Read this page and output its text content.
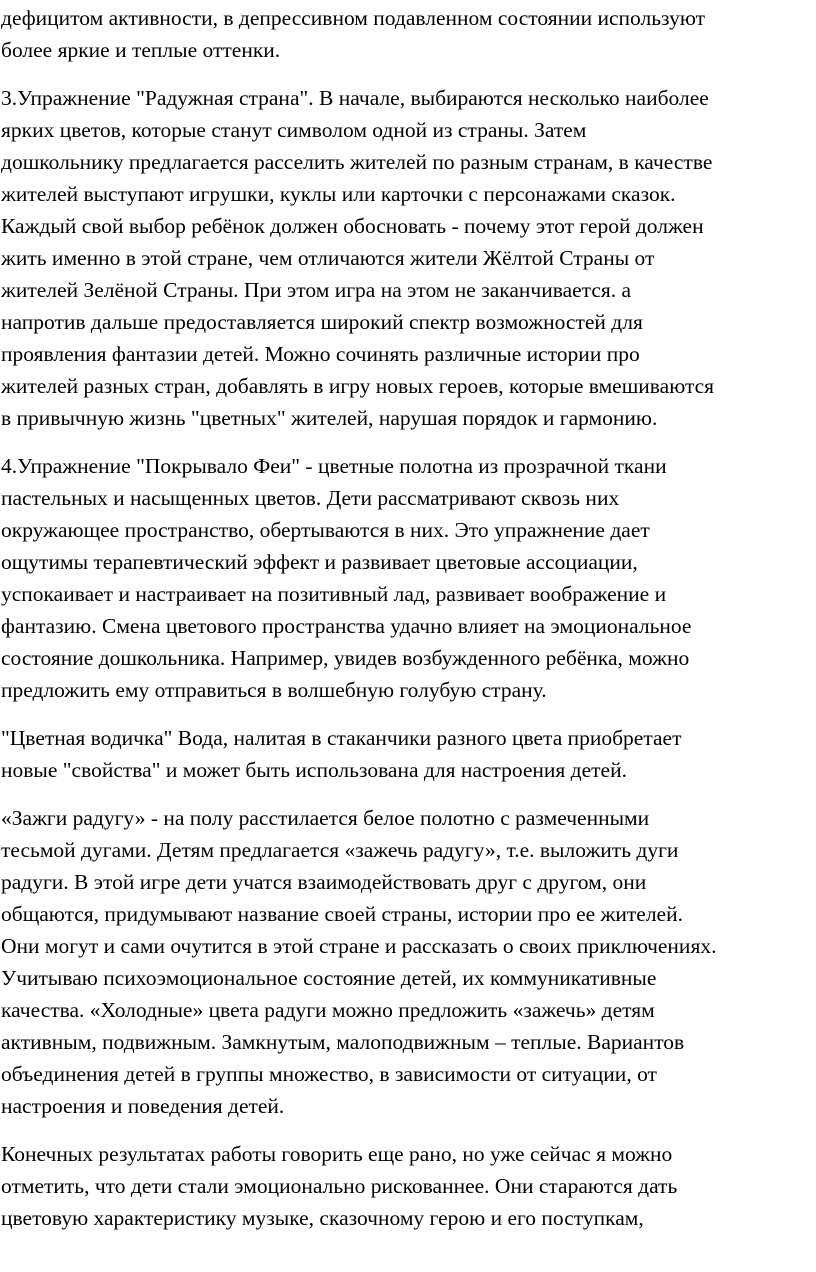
дефицитом активности, в депрессивном подавленном состоянии используют
более яркие и теплые оттенки.

3.Упражнение "Радужная страна". В начале, выбираются несколько наиболее
ярких цветов, которые станут символом одной из страны. Затем
дошкольнику предлагается расселить жителей по разным странам, в качестве
жителей выступают игрушки, куклы или карточки с персонажами сказок.
Каждый свой выбор ребёнок должен обосновать - почему этот герой должен
жить именно в этой стране, чем отличаются жители Жёлтой Страны от
жителей Зелёной Страны. При этом игра на этом не заканчивается. а
напротив дальше предоставляется широкий спектр возможностей для
проявления фантазии детей. Можно сочинять различные истории про
жителей разных стран, добавлять в игру новых героев, которые вмешиваются
в привычную жизнь "цветных" жителей, нарушая порядок и гармонию.

4.Упражнение "Покрывало Феи" - цветные полотна из прозрачной ткани
пастельных и насыщенных цветов. Дети рассматривают сквозь них
окружающее пространство, обертываются в них. Это упражнение дает
ощутимы терапевтический эффект и развивает цветовые ассоциации,
успокаивает и настраивает на позитивный лад, развивает воображение и
фантазию. Смена цветового пространства удачно влияет на эмоциональное
состояние дошкольника. Например, увидев возбужденного ребёнка, можно
предложить ему отправиться в волшебную голубую страну.

"Цветная водичка" Вода, налитая в стаканчики разного цвета приобретает
новые "свойства" и может быть использована для настроения детей.

«Зажги радугу» - на полу расстилается белое полотно с размеченными
тесьмой дугами. Детям предлагается «зажечь радугу», т.е. выложить дуги
радуги. В этой игре дети учатся взаимодействовать друг с другом, они
общаются, придумывают название своей страны, истории про ее жителей.
Они могут и сами очутится в этой стране и рассказать о своих приключениях.
Учитываю психоэмоциональное состояние детей, их коммуникативные
качества. «Холодные» цвета радуги можно предложить «зажечь» детям
активным, подвижным. Замкнутым, малоподвижным – теплые. Вариантов
объединения детей в группы множество, в зависимости от ситуации, от
настроения и поведения детей.

Конечных результатах работы говорить еще рано, но уже сейчас я можно
отметить, что дети стали эмоционально рискованнее. Они стараются дать
цветовую характеристику музыке, сказочному герою и его поступкам,
